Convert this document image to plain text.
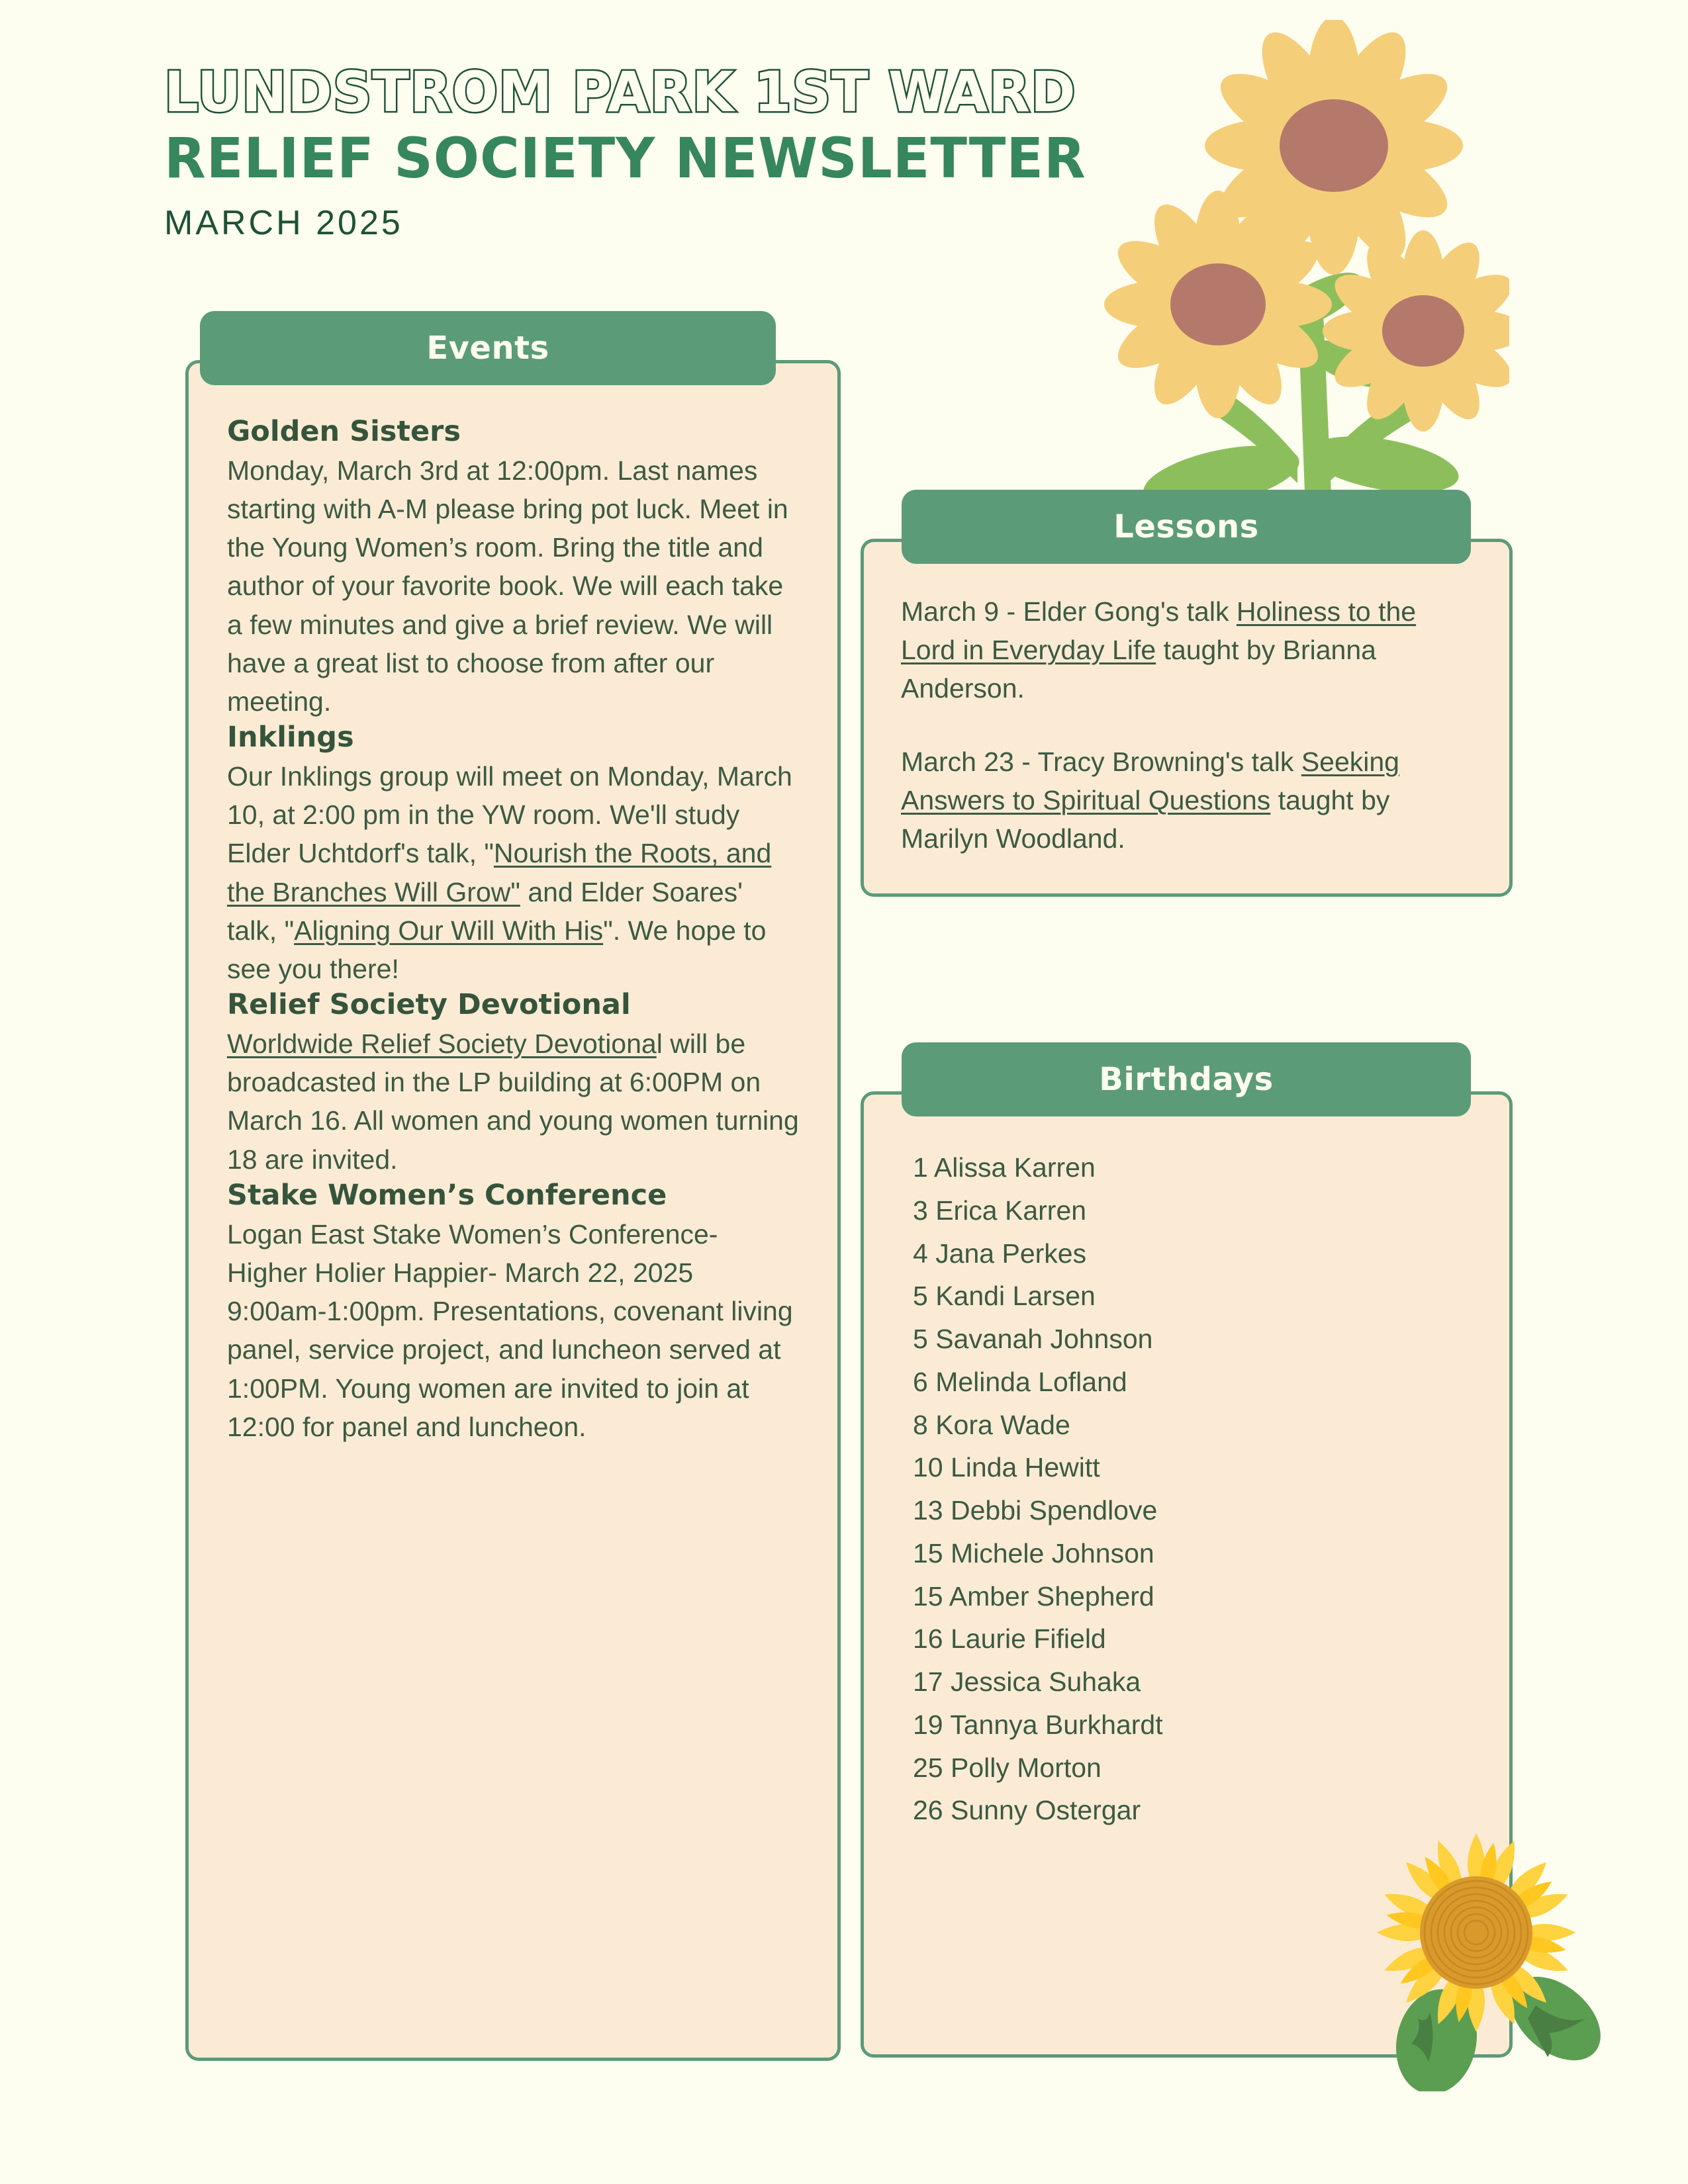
LUNDSTROM PARK 1ST WARD
RELIEF SOCIETY NEWSLETTER
MARCH 2025
Events
Golden Sisters
Monday, March 3rd at 12:00pm. Last names starting with A-M please bring pot luck. Meet in the Young Women’s room. Bring the title and author of your favorite book. We will each take a few minutes and give a brief review. We will have a great list to choose from after our meeting.
Inklings
Our Inklings group will meet on Monday, March 10, at 2:00 pm in the YW room. We'll study Elder Uchtdorf's talk, "Nourish the Roots, and the Branches Will Grow" and Elder Soares' talk, "Aligning Our Will With His". We hope to see you there!
Relief Society Devotional
Worldwide Relief Society Devotional will be broadcasted in the LP building at 6:00PM on March 16. All women and young women turning 18 are invited.
Stake Women’s Conference
Logan East Stake Women’s Conference- Higher Holier Happier- March 22, 2025 9:00am-1:00pm. Presentations, covenant living panel, service project, and luncheon served at 1:00PM. Young women are invited to join at 12:00 for panel and luncheon.
Lessons
March 9 - Elder Gong's talk Holiness to the Lord in Everyday Life taught by Brianna Anderson.
March 23 - Tracy Browning's talk Seeking Answers to Spiritual Questions taught by Marilyn Woodland.
Birthdays
1 Alissa Karren
3 Erica Karren
4 Jana Perkes
5 Kandi Larsen
5 Savanah Johnson
6 Melinda Lofland
8 Kora Wade
10 Linda Hewitt
13 Debbi Spendlove
15 Michele Johnson
15 Amber Shepherd
16 Laurie Fifield
17 Jessica Suhaka
19 Tannya Burkhardt
25 Polly Morton
26 Sunny Ostergar
